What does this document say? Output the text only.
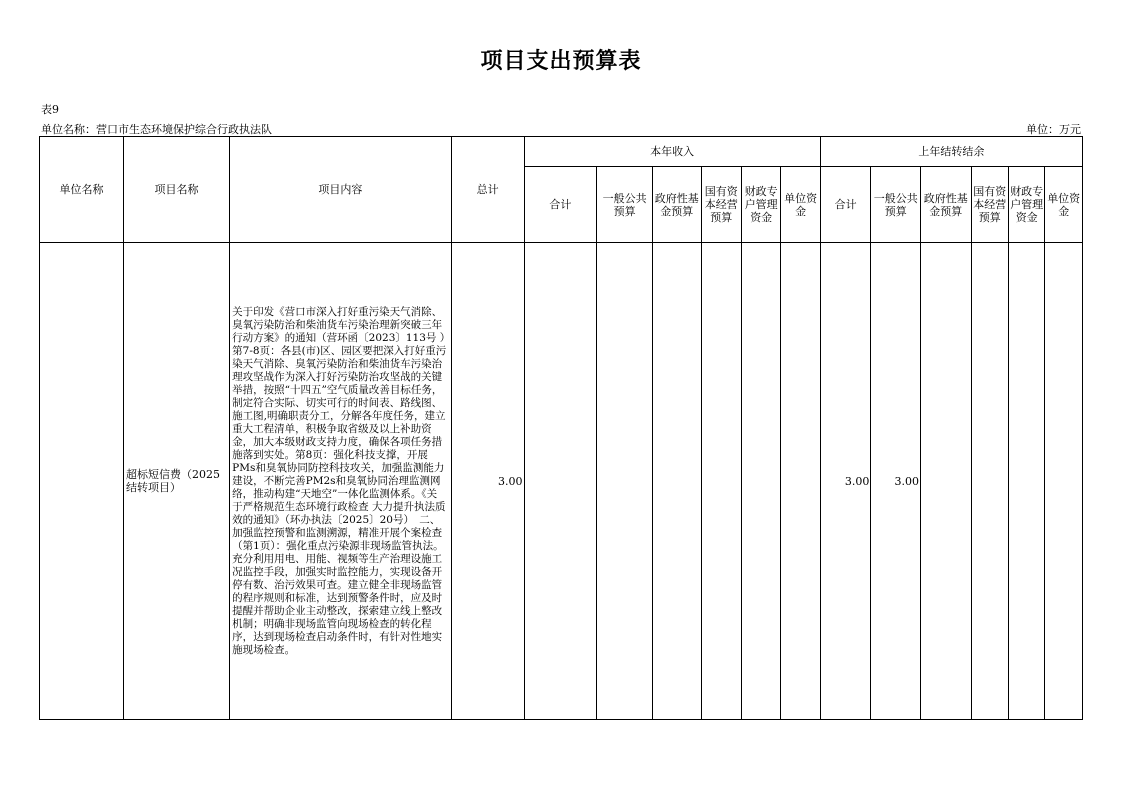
项目支出预算表
表9
单位名称：营口市生态环境保护综合行政执法队	单位：万元
单位名称	项目名称	项目内容	总计	本年收入						上年结转结余					
				合计	一般公共预算	政府性基金预算	国有资本经营预算	财政专户管理资金	单位资金	合计	一般公共预算	政府性基金预算	国有资本经营预算	财政专户管理资金	单位资金
	超标短信费（2025结转项目）	关于印发《营口市深入打好重污染天气消除、臭氧污染防治和柴油货车污染治理新突破三年行动方案》的通知（营环函〔2023〕113号 ）第7-8页：各县(市)区、园区要把深入打好重污染天气消除、臭氧污染防治和柴油货车污染治理攻坚战作为深入打好污染防治攻坚战的关键举措，按照“十四五”空气质量改善目标任务，制定符合实际、切实可行的时间表、路线图、施工图,明确职责分工，分解各年度任务，建立重大工程清单，积极争取省级及以上补助资金，加大本级财政支持力度，确保各项任务措施落到实处。第8页：强化科技支撑，开展PMs和臭氧协同防控科技攻关，加强监测能力建设，不断完善PM2s和臭氧协同治理监测网络，推动构建“天地空”一体化监测体系。《关于严格规范生态环境行政检查 大力提升执法质效的通知》（环办执法〔2025〕20号）　二、加强监控预警和监测溯源，精准开展个案检查（第1页）：强化重点污染源非现场监管执法。充分利用用电、用能、视频等生产治理设施工况监控手段，加强实时监控能力，实现设备开停有数、治污效果可查。建立健全非现场监管的程序规则和标准，达到预警条件时，应及时提醒并帮助企业主动整改，探索建立线上整改机制；明确非现场监管向现场检查的转化程序，达到现场检查启动条件时，有针对性地实施现场检查。	3.00							3.00	3.00				
